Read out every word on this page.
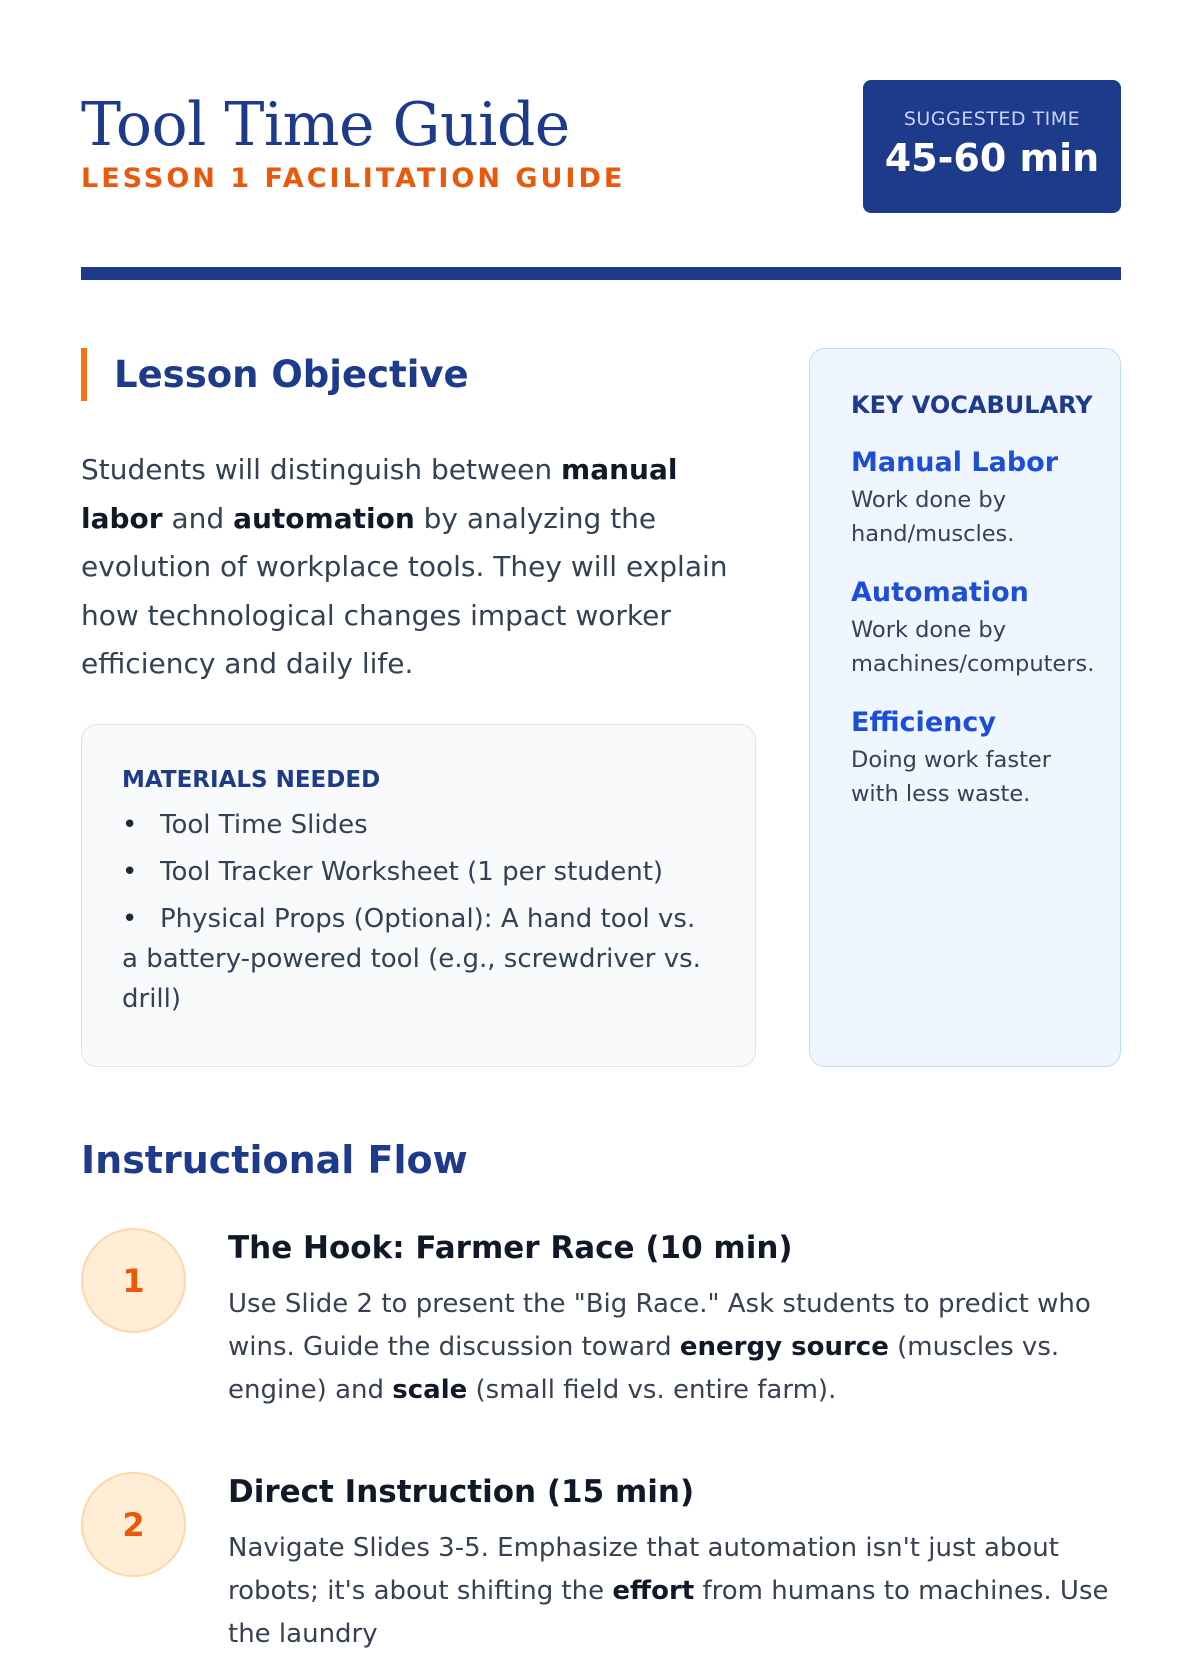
Tool Time Guide
LESSON 1 FACILITATION GUIDE
SUGGESTED TIME
45-60 min
Lesson Objective

Students will distinguish between manual labor and automation by analyzing the evolution of workplace tools. They will explain how technological changes impact worker efficiency and daily life.

MATERIALS NEEDED
• Tool Time Slides
• Tool Tracker Worksheet (1 per student)
• Physical Props (Optional): A hand tool vs. a battery-powered tool (e.g., screwdriver vs. drill)
KEY VOCABULARY
Manual Labor
Work done by hand/muscles.
Automation
Work done by machines/computers.
Efficiency
Doing work faster with less waste.
Instructional Flow
1
The Hook: Farmer Race (10 min)

Use Slide 2 to present the "Big Race." Ask students to predict who wins. Guide the discussion toward energy source (muscles vs. engine) and scale (small field vs. entire farm).

2
Direct Instruction (15 min)

Navigate Slides 3-5. Emphasize that automation isn't just about robots; it's about shifting the effort from humans to machines. Use the laundry
